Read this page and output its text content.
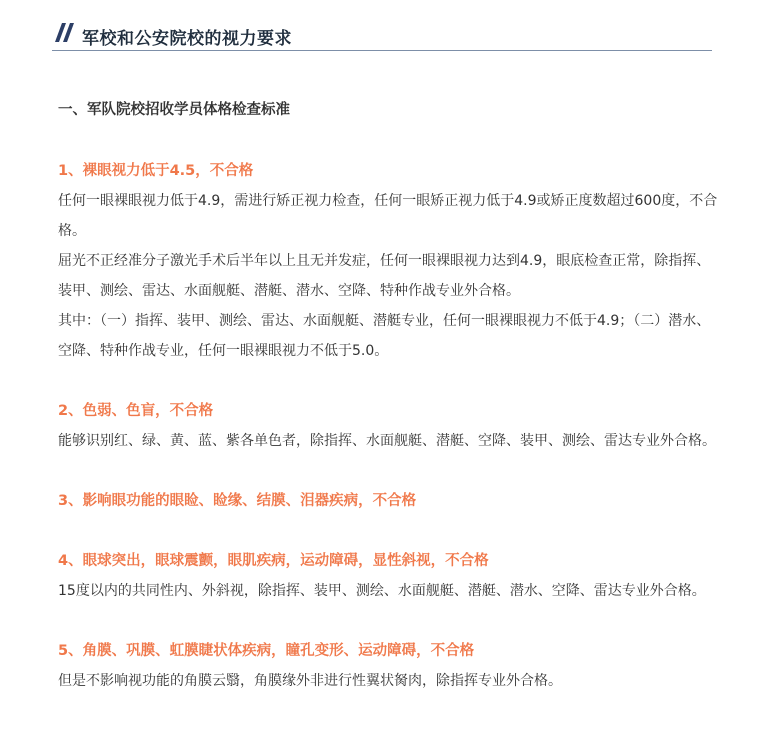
军校和公安院校的视力要求
一、军队院校招收学员体格检查标准
1、裸眼视力低于4.5，不合格
任何一眼裸眼视力低于4.9，需进行矫正视力检查，任何一眼矫正视力低于4.9或矫正度数超过600度，不合格。
屈光不正经准分子激光手术后半年以上且无并发症，任何一眼裸眼视力达到4.9，眼底检查正常，除指挥、装甲、测绘、雷达、水面舰艇、潜艇、潜水、空降、特种作战专业外合格。
其中：（一）指挥、装甲、测绘、雷达、水面舰艇、潜艇专业，任何一眼裸眼视力不低于4.9；（二）潜水、空降、特种作战专业，任何一眼裸眼视力不低于5.0。
2、色弱、色盲，不合格
能够识别红、绿、黄、蓝、紫各单色者，除指挥、水面舰艇、潜艇、空降、装甲、测绘、雷达专业外合格。
3、影响眼功能的眼睑、睑缘、结膜、泪器疾病，不合格
4、眼球突出，眼球震颤，眼肌疾病，运动障碍，显性斜视，不合格
15度以内的共同性内、外斜视，除指挥、装甲、测绘、水面舰艇、潜艇、潜水、空降、雷达专业外合格。
5、角膜、巩膜、虹膜睫状体疾病，瞳孔变形、运动障碍，不合格
但是不影响视功能的角膜云翳，角膜缘外非进行性翼状胬肉，除指挥专业外合格。
